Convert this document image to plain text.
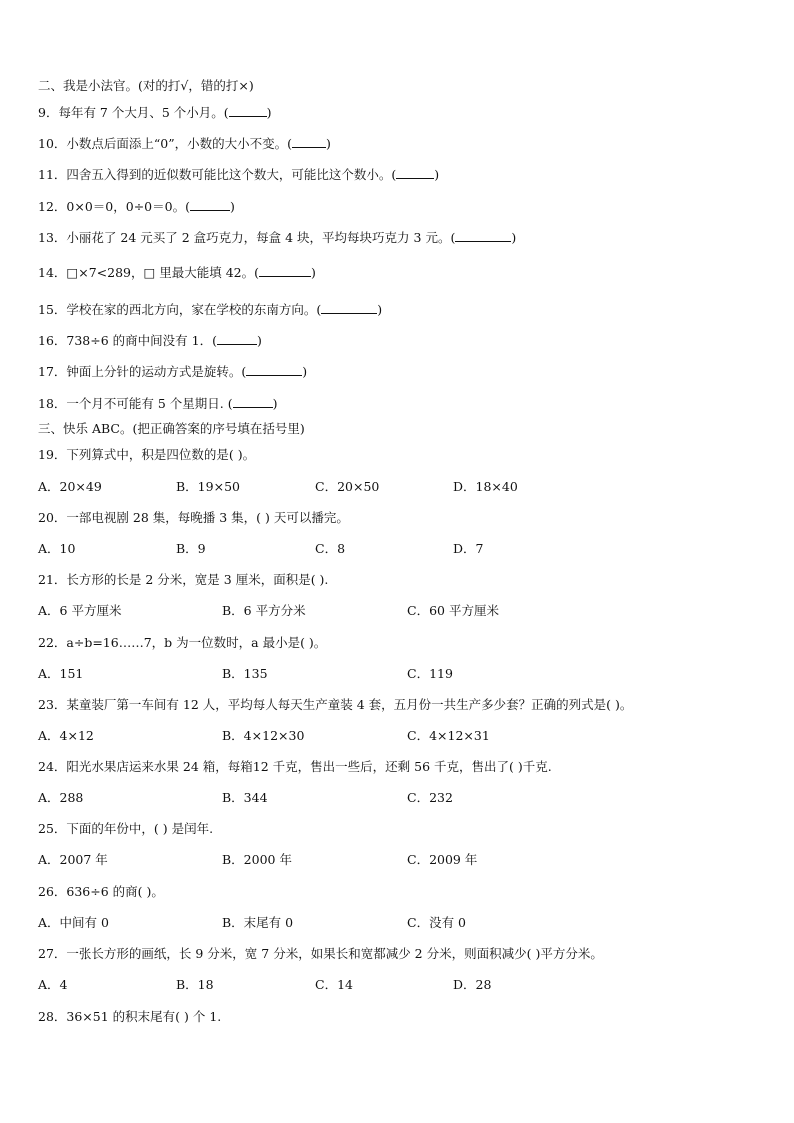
二、我是小法官。(对的打√，错的打×)
9．每年有 7 个大月、5 个小月。(	)
10．小数点后面添上“0”，小数的大小不变。(	)
11．四舍五入得到的近似数可能比这个数大，可能比这个数小。(	)
12．0×0＝0，0÷0＝0。(	)
13．小丽花了 24 元买了 2 盒巧克力，每盒 4 块，平均每块巧克力 3 元。(	)
14．□×7<289，□ 里最大能填 42。(	)
15．学校在家的西北方向，家在学校的东南方向。(	)
16．738÷6 的商中间没有 1．(	)
17．钟面上分针的运动方式是旋转。(	)
18．一个月不可能有 5 个星期日. (	)
三、快乐 ABC。(把正确答案的序号填在括号里)
19．下列算式中，积是四位数的是( )。
A．20×49	B．19×50	C．20×50	D．18×40
20．一部电视剧 28 集，每晚播 3 集，( ) 天可以播完。
A．10	B．9	C．8	D．7
21．长方形的长是 2 分米，宽是 3 厘米，面积是( ).
A．6 平方厘米	B．6 平方分米	C．60 平方厘米
22．a÷b=16……7，b 为一位数时，a 最小是( )。
A．151	B．135	C．119
23．某童装厂第一车间有 12 人，平均每人每天生产童装 4 套，五月份一共生产多少套？正确的列式是( )。
A．4×12	B．4×12×30	C．4×12×31
24．阳光水果店运来水果 24 箱，每箱12 千克，售出一些后，还剩 56 千克，售出了( )千克.
A．288	B．344	C．232
25．下面的年份中，( ) 是闰年.
A．2007 年	B．2000 年	C．2009 年
26．636÷6 的商( )。
A．中间有 0	B．末尾有 0	C．没有 0
27．一张长方形的画纸，长 9 分米，宽 7 分米，如果长和宽都减少 2 分米，则面积减少( )平方分米。
A．4	B．18	C．14	D．28
28．36×51 的积末尾有( ) 个 1.
